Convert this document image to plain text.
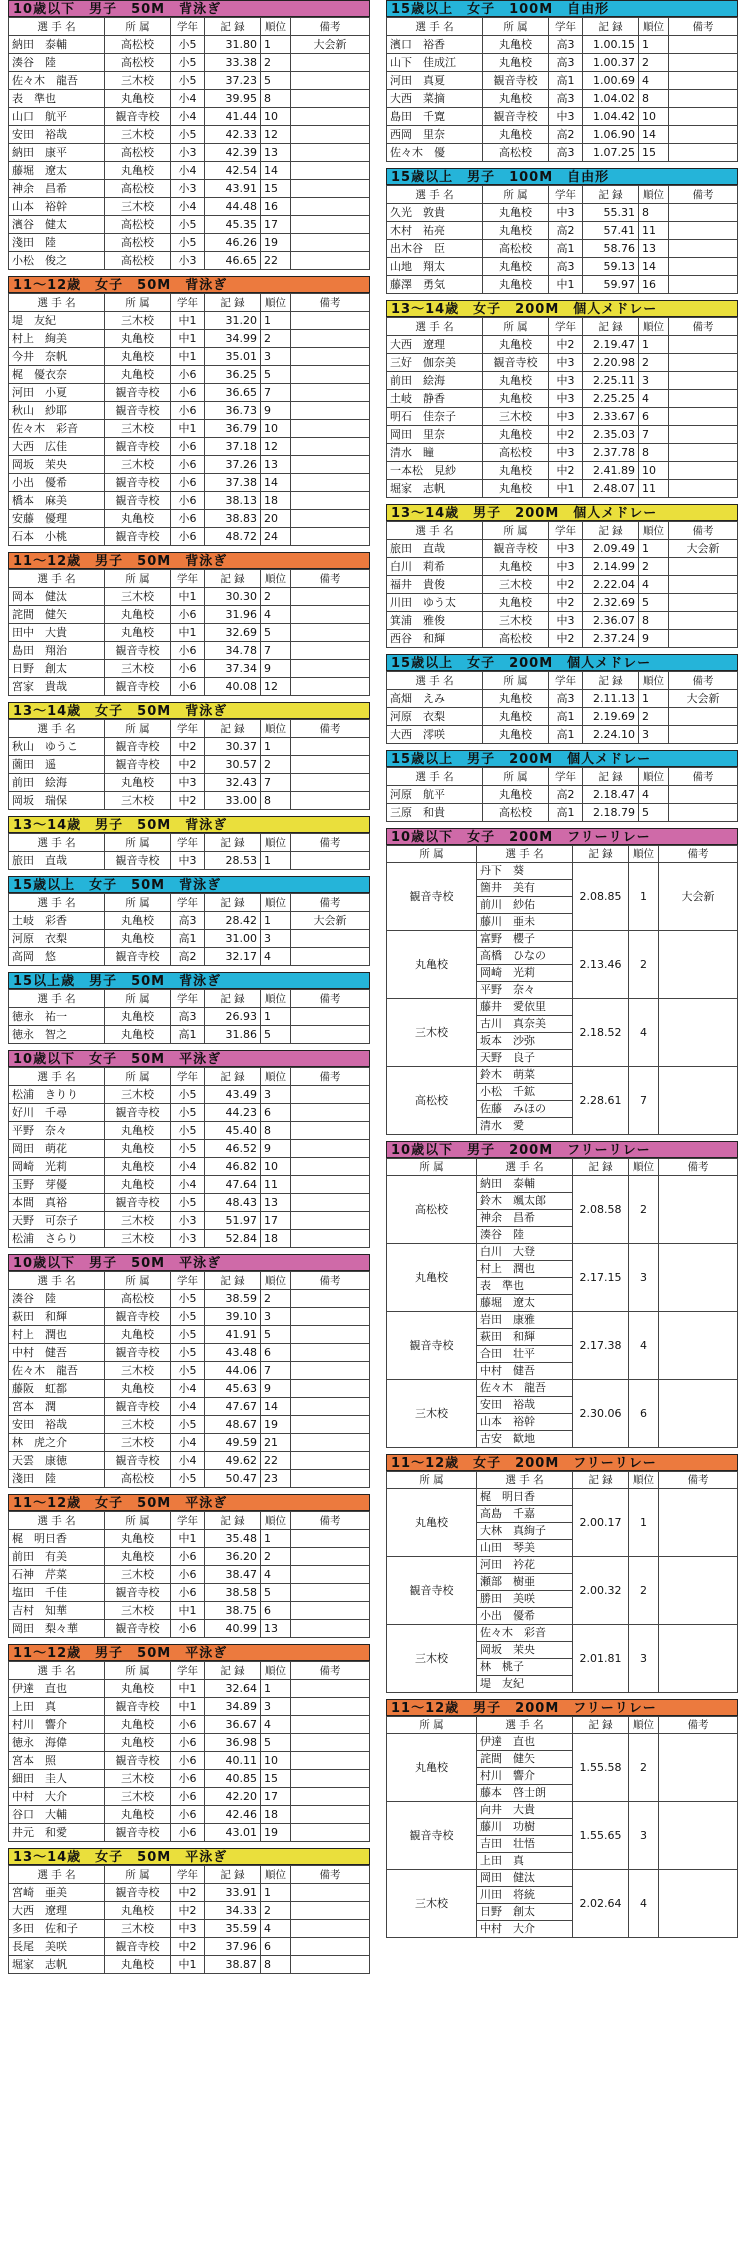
10歳以下　男子　50M　背泳ぎ
選 手 名	所 属	学年	記 録	順位	備考
納田　泰輔	高松校	小5	31.80	1	大会新
湊谷　陸	高松校	小5	33.38	2	
佐々木　龍吾	三木校	小5	37.23	5	
表　準也	丸亀校	小4	39.95	8	
山口　航平	観音寺校	小4	41.44	10	
安田　裕哉	三木校	小5	42.33	12	
納田　康平	高松校	小3	42.39	13	
藤堀　遼太	丸亀校	小4	42.54	14	
神余　昌希	高松校	小3	43.91	15	
山本　裕幹	三木校	小4	44.48	16	
濱谷　健太	高松校	小5	45.35	17	
淺田　陸	高松校	小5	46.26	19	
小松　俊之	高松校	小3	46.65	22	
11～12歳　女子　50M　背泳ぎ
選 手 名	所 属	学年	記 録	順位	備考
堤　友紀	三木校	中1	31.20	1	
村上　絢美	丸亀校	中1	34.99	2	
今井　奈帆	丸亀校	中1	35.01	3	
梶　優衣奈	丸亀校	小6	36.25	5	
河田　小夏	観音寺校	小6	36.65	7	
秋山　紗耶	観音寺校	小6	36.73	9	
佐々木　彩音	三木校	中1	36.79	10	
大西　広佳	観音寺校	小6	37.18	12	
岡坂　茉央	三木校	小6	37.26	13	
小出　優希	観音寺校	小6	37.38	14	
橋本　麻美	観音寺校	小6	38.13	18	
安藤　優理	丸亀校	小6	38.83	20	
石本　小桃	観音寺校	小6	48.72	24	
11～12歳　男子　50M　背泳ぎ
選 手 名	所 属	学年	記 録	順位	備考
岡本　健汰	三木校	中1	30.30	2	
詫間　健矢	丸亀校	小6	31.96	4	
田中　大貴	丸亀校	中1	32.69	5	
島田　翔治	観音寺校	小6	34.78	7	
日野　創太	三木校	小6	37.34	9	
宮家　貴哉	観音寺校	小6	40.08	12	
13～14歳　女子　50M　背泳ぎ
選 手 名	所 属	学年	記 録	順位	備考
秋山　ゆうこ	観音寺校	中2	30.37	1	
薗田　遥	観音寺校	中2	30.57	2	
前田　絵海	丸亀校	中3	32.43	7	
岡坂　瑞保	三木校	中2	33.00	8	
13～14歳　男子　50M　背泳ぎ
選 手 名	所 属	学年	記 録	順位	備考
旅田　直哉	観音寺校	中3	28.53	1	
15歳以上　女子　50M　背泳ぎ
選 手 名	所 属	学年	記 録	順位	備考
土岐　彩香	丸亀校	高3	28.42	1	大会新
河原　衣梨	丸亀校	高1	31.00	3	
高岡　悠	観音寺校	高2	32.17	4	
15以上歳　男子　50M　背泳ぎ
選 手 名	所 属	学年	記 録	順位	備考
徳永　祐一	丸亀校	高3	26.93	1	
徳永　智之	丸亀校	高1	31.86	5	
10歳以下　女子　50M　平泳ぎ
選 手 名	所 属	学年	記 録	順位	備考
松浦　きりり	三木校	小5	43.49	3	
好川　千尋	観音寺校	小5	44.23	6	
平野　奈々	丸亀校	小5	45.40	8	
岡田　萌花	丸亀校	小5	46.52	9	
岡崎　光莉	丸亀校	小4	46.82	10	
玉野　芽優	丸亀校	小4	47.64	11	
本間　真裕	観音寺校	小5	48.43	13	
天野　可奈子	三木校	小3	51.97	17	
松浦　さらり	三木校	小3	52.84	18	
10歳以下　男子　50M　平泳ぎ
選 手 名	所 属	学年	記 録	順位	備考
湊谷　陸	高松校	小5	38.59	2	
萩田　和輝	観音寺校	小5	39.10	3	
村上　潤也	丸亀校	小5	41.91	5	
中村　健吾	観音寺校	小5	43.48	6	
佐々木　龍吾	三木校	小5	44.06	7	
藤阪　虹都	丸亀校	小4	45.63	9	
宮本　潤	観音寺校	小4	47.67	14	
安田　裕哉	三木校	小5	48.67	19	
林　虎之介	三木校	小4	49.59	21	
天雲　康徳	観音寺校	小4	49.62	22	
淺田　陸	高松校	小5	50.47	23	
11～12歳　女子　50M　平泳ぎ
選 手 名	所 属	学年	記 録	順位	備考
梶　明日香	丸亀校	中1	35.48	1	
前田　有美	丸亀校	小6	36.20	2	
石神　芹菜	三木校	小6	38.47	4	
塩田　千佳	観音寺校	小6	38.58	5	
吉村　知華	三木校	中1	38.75	6	
岡田　梨々華	観音寺校	小6	40.99	13	
11～12歳　男子　50M　平泳ぎ
選 手 名	所 属	学年	記 録	順位	備考
伊達　直也	丸亀校	中1	32.64	1	
上田　真	観音寺校	中1	34.89	3	
村川　響介	丸亀校	小6	36.67	4	
徳永　海偉	丸亀校	小6	36.98	5	
宮本　照	観音寺校	小6	40.11	10	
細田　圭人	三木校	小6	40.85	15	
中村　大介	三木校	小6	42.20	17	
谷口　大輔	丸亀校	小6	42.46	18	
井元　和愛	観音寺校	小6	43.01	19	
13～14歳　女子　50M　平泳ぎ
選 手 名	所 属	学年	記 録	順位	備考
宮崎　亜美	観音寺校	中2	33.91	1	
大西　遼理	丸亀校	中2	34.33	2	
多田　佐和子	三木校	中3	35.59	4	
長尾　美咲	観音寺校	中2	37.96	6	
堀家　志帆	丸亀校	中1	38.87	8	
15歳以上　女子　100M　自由形
選 手 名	所 属	学年	記 録	順位	備考
濱口　裕香	丸亀校	高3	1.00.15	1	
山下　佳成江	丸亀校	高3	1.00.37	2	
河田　真夏	観音寺校	高1	1.00.69	4	
大西　菜摘	丸亀校	高3	1.04.02	8	
島田　千寛	観音寺校	中3	1.04.42	10	
西岡　里奈	丸亀校	高2	1.06.90	14	
佐々木　優	高松校	高3	1.07.25	15	
15歳以上　男子　100M　自由形
選 手 名	所 属	学年	記 録	順位	備考
久光　敦貴	丸亀校	中3	55.31	8	
木村　祐亮	丸亀校	高2	57.41	11	
出木谷　臣	高松校	高1	58.76	13	
山地　翔太	丸亀校	高3	59.13	14	
藤澤　勇気	丸亀校	中1	59.97	16	
13～14歳　女子　200M　個人メドレー
選 手 名	所 属	学年	記 録	順位	備考
大西　遼理	丸亀校	中2	2.19.47	1	
三好　伽奈美	観音寺校	中3	2.20.98	2	
前田　絵海	丸亀校	中3	2.25.11	3	
土岐　静香	丸亀校	中3	2.25.25	4	
明石　佳奈子	三木校	中3	2.33.67	6	
岡田　里奈	丸亀校	中2	2.35.03	7	
清水　瞳	高松校	中3	2.37.78	8	
一本松　見紗	丸亀校	中2	2.41.89	10	
堀家　志帆	丸亀校	中1	2.48.07	11	
13～14歳　男子　200M　個人メドレー
選 手 名	所 属	学年	記 録	順位	備考
旅田　直哉	観音寺校	中3	2.09.49	1	大会新
白川　莉希	丸亀校	中3	2.14.99	2	
福井　貴俊	三木校	中2	2.22.04	4	
川田　ゆう太	丸亀校	中2	2.32.69	5	
箕浦　雅俊	三木校	中3	2.36.07	8	
西谷　和輝	高松校	中2	2.37.24	9	
15歳以上　女子　200M　個人メドレー
選 手 名	所 属	学年	記 録	順位	備考
高畑　えみ	丸亀校	高3	2.11.13	1	大会新
河原　衣梨	丸亀校	高1	2.19.69	2	
大西　澪咲	丸亀校	高1	2.24.10	3	
15歳以上　男子　200M　個人メドレー
選 手 名	所 属	学年	記 録	順位	備考
河原　航平	丸亀校	高2	2.18.47	4	
三原　和貴	高松校	高1	2.18.79	5	
10歳以下　女子　200M　フリーリレー
所 属	選 手 名	記 録	順位	備考
観音寺校	丹下　葵	2.08.85	1	大会新
	箇井　美有			
	前川　紗佑			
	藤川　亜未			
丸亀校	富野　櫻子	2.13.46	2	
	高橋　ひなの			
	岡崎　光莉			
	平野　奈々			
三木校	藤井　愛依里	2.18.52	4	
	古川　真奈美			
	坂本　沙弥			
	天野　良子			
高松校	鈴木　萌菜	2.28.61	7	
	小松　千鉱			
	佐藤　みほの			
	清水　愛			
10歳以下　男子　200M　フリーリレー
所 属	選 手 名	記 録	順位	備考
高松校	納田　泰輔	2.08.58	2	
	鈴木　颯太郎			
	神余　昌希			
	湊谷　陸			
丸亀校	白川　大登	2.17.15	3	
	村上　潤也			
	表　準也			
	藤堀　遼太			
観音寺校	岩田　康雅	2.17.38	4	
	萩田　和輝			
	合田　壮平			
	中村　健吾			
三木校	佐々木　龍吾	2.30.06	6	
	安田　裕哉			
	山本　裕幹			
	古安　歓地			
11～12歳　女子　200M　フリーリレー
所 属	選 手 名	記 録	順位	備考
丸亀校	梶　明日香	2.00.17	1	
	高島　千嘉			
	大林　真絢子			
	山田　琴美			
観音寺校	河田　衿花	2.00.32	2	
	瀬部　樹亜			
	勝田　美咲			
	小出　優希			
三木校	佐々木　彩音	2.01.81	3	
	岡坂　茉央			
	林　桃子			
	堤　友紀			
11～12歳　男子　200M　フリーリレー
所 属	選 手 名	記 録	順位	備考
丸亀校	伊達　直也	1.55.58	2	
	詫間　健矢			
	村川　響介			
	藤本　啓士朗			
観音寺校	向井　大貴	1.55.65	3	
	藤川　功樹			
	吉田　壮悟			
	上田　真			
三木校	岡田　健汰	2.02.64	4	
	川田　将統			
	日野　創太			
	中村　大介			
